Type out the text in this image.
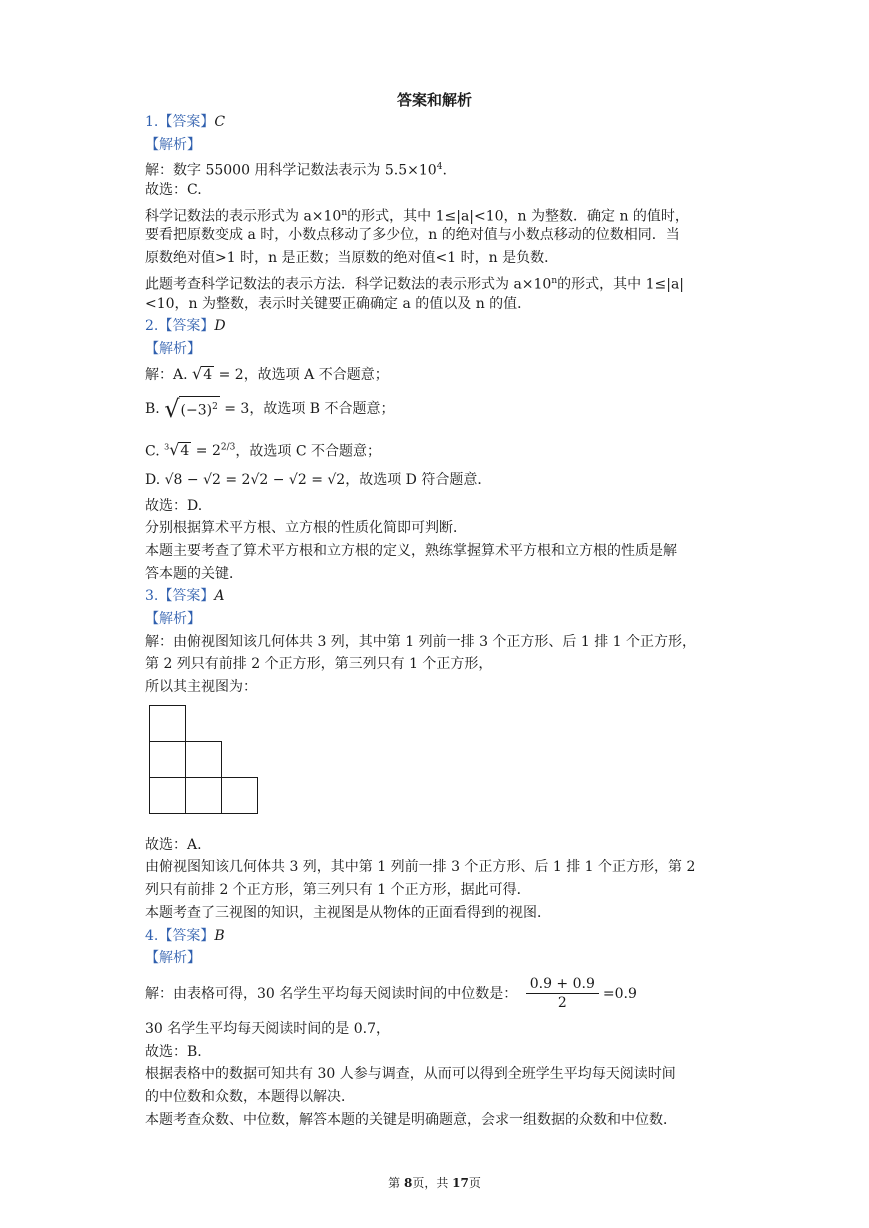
答案和解析
1.【答案】C
【解析】
解：数字 55000 用科学记数法表示为 $5.5\times 10^4$.
故选：C.
科学记数法的表示形式为 $a\times 10^n$的形式，其中 1≤|a|<10，n 为整数．确定 n 的值时，
要看把原数变成 a 时，小数点移动了多少位，n 的绝对值与小数点移动的位数相同．当
原数绝对值>1 时，n 是正数；当原数的绝对值<1 时，n 是负数．
此题考查科学记数法的表示方法．科学记数法的表示形式为 $a\times 10^n$的形式，其中 1≤|a|
<10，n 为整数，表示时关键要正确确定 a 的值以及 n 的值．
2.【答案】D
【解析】
解：A. √4 = 2，故选项 A 不合题意；
B. $√(-3)^2 = 3$，故选项 B 不合题意；
C. $^3√4 = 2^{2/3}$，故选项 C 不合题意；
D. √8 − √2 = 2√2 − √2 = √2，故选项 D 符合题意．
故选：D.
分别根据算术平方根、立方根的性质化简即可判断．
本题主要考查了算术平方根和立方根的定义，熟练掌握算术平方根和立方根的性质是解
答本题的关键．
3.【答案】A
【解析】
解：由俯视图知该几何体共 3 列，其中第 1 列前一排 3 个正方形、后 1 排 1 个正方形，
第 2 列只有前排 2 个正方形，第三列只有 1 个正方形，
所以其主视图为：
故选：A.
由俯视图知该几何体共 3 列，其中第 1 列前一排 3 个正方形、后 1 排 1 个正方形，第 2
列只有前排 2 个正方形，第三列只有 1 个正方形，据此可得．
本题考查了三视图的知识，主视图是从物体的正面看得到的视图．
4.【答案】B
【解析】
解：由表格可得，30 名学生平均每天阅读时间的中位数是： $\frac{0.9 + 0.9}{2} =0.9$
30 名学生平均每天阅读时间的是 0.7，
故选：B.
根据表格中的数据可知共有 30 人参与调查，从而可以得到全班学生平均每天阅读时间
的中位数和众数，本题得以解决．
本题考查众数、中位数，解答本题的关键是明确题意，会求一组数据的众数和中位数．
第 8页，共 17页
